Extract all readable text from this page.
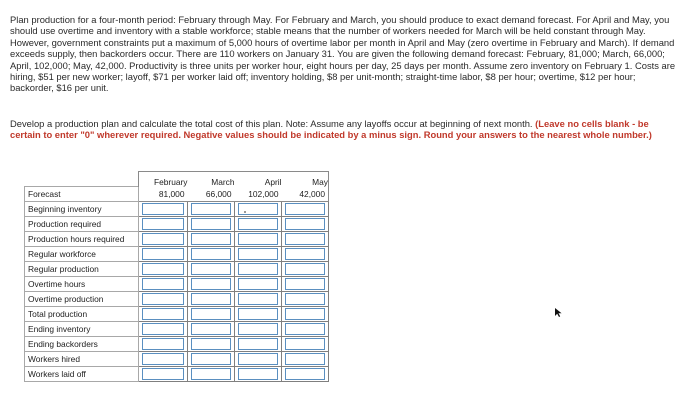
Plan production for a four-month period: February through May. For February and March, you should produce to exact demand forecast. For April and May, you should use overtime and inventory with a stable workforce; stable means that the number of workers needed for March will be held constant through May. However, government constraints put a maximum of 5,000 hours of overtime labor per month in April and May (zero overtime in February and March). If demand exceeds supply, then backorders occur. There are 110 workers on January 31. You are given the following demand forecast: February, 81,000; March, 66,000; April, 102,000; May, 42,000. Productivity is three units per worker hour, eight hours per day, 25 days per month. Assume zero inventory on February 1. Costs are hiring, $51 per new worker; layoff, $71 per worker laid off; inventory holding, $8 per unit-month; straight-time labor, $8 per hour; overtime, $12 per hour; backorder, $16 per unit.
Develop a production plan and calculate the total cost of this plan. Note: Assume any layoffs occur at beginning of next month. (Leave no cells blank - be certain to enter "0" wherever required. Negative values should be indicated by a minus sign. Round your answers to the nearest whole number.)
	February	March	April	May
Forecast	81,000	66,000	102,000	42,000
Beginning inventory	

Production required	

Production hours required	

Regular workforce	

Regular production	

Overtime hours	

Overtime production	

Total production	

Ending inventory	

Ending backorders	

Workers hired	

Workers laid off	
